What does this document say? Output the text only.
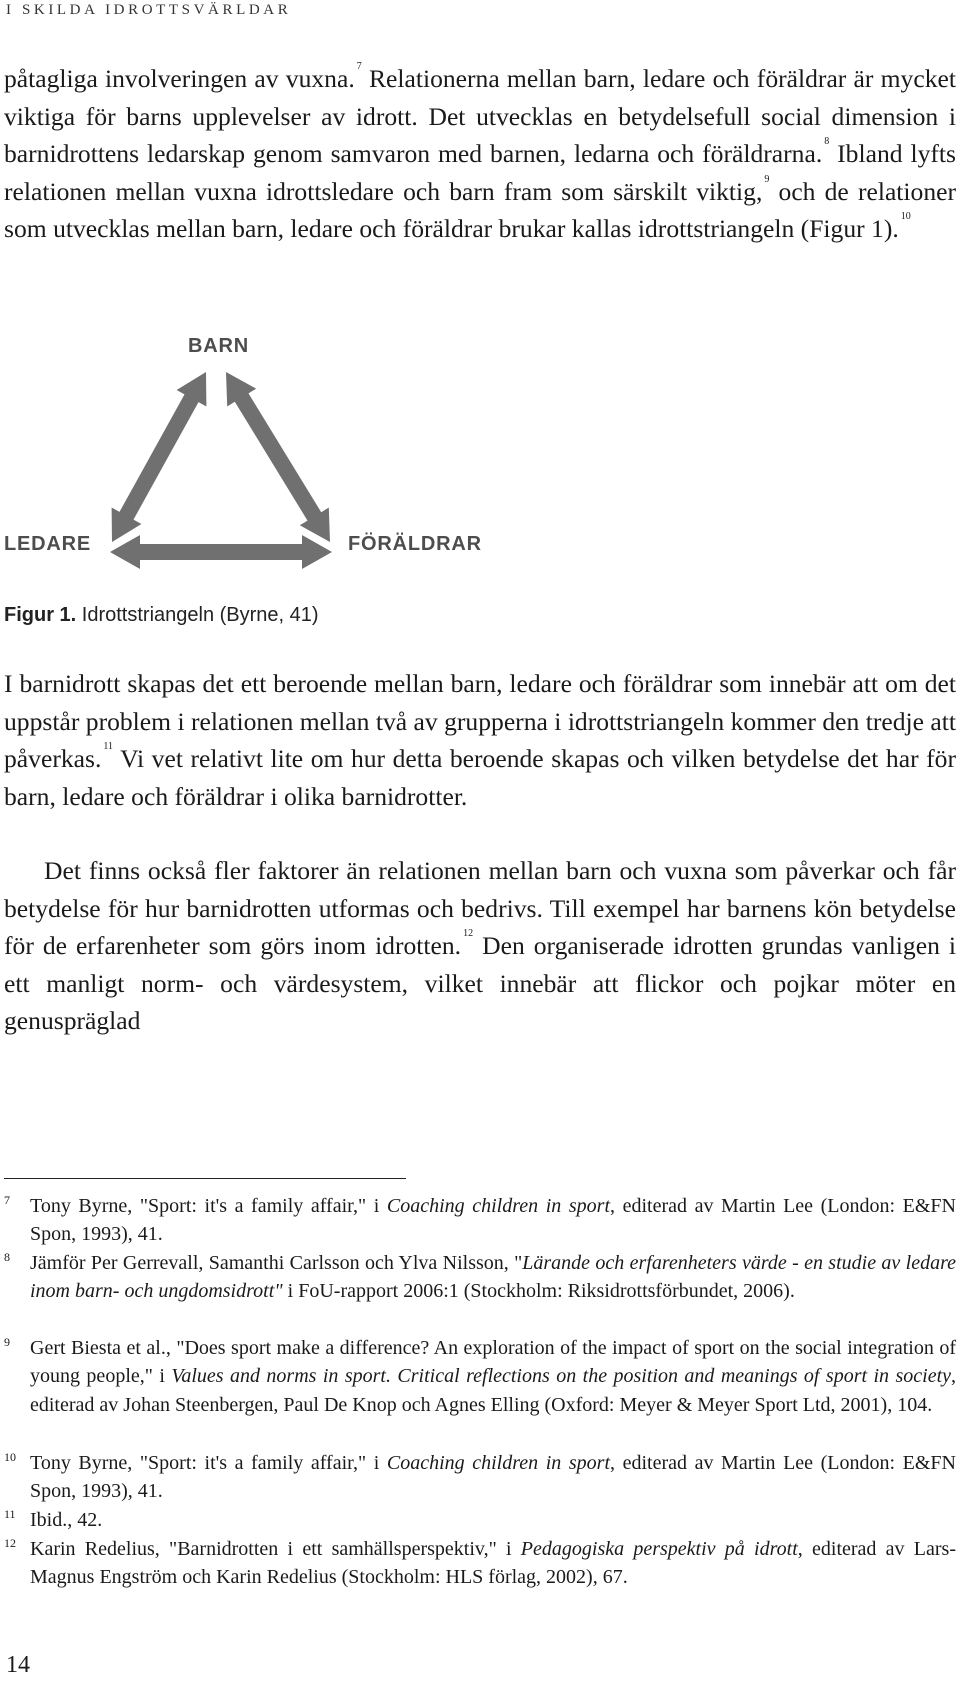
I SKILDA IDROTTSVÄRLDAR

påtagliga involveringen av vuxna. $^7$ Relationerna mellan barn, ledare och föräldrar är mycket viktiga för barns upplevelser av idrott. Det utvecklas en betydelsefull social dimension i barnidrottens ledarskap genom samvaron med barnen, ledarna och föräldrarna. $^8$ Ibland lyfts relationen mellan vuxna idrottsledare och barn fram som särskilt viktig, $^9$ och de relationer som utvecklas mellan barn, ledare och föräldrar brukar kallas idrottstriangeln (Figur 1). $^{10}$

BARN
LEDARE	FÖRÄLDRAR
Figur 1. Idrottstriangeln (Byrne, 41)

I barnidrott skapas det ett beroende mellan barn, ledare och föräldrar som innebär att om det uppstår problem i relationen mellan två av grupperna i idrottstriangeln kommer den tredje att påverkas. $^{11}$ Vi vet relativt lite om hur detta beroende skapas och vilken betydelse det har för barn, ledare och föräldrar i olika barnidrotter.

Det finns också fler faktorer än relationen mellan barn och vuxna som påverkar och får betydelse för hur barnidrotten utformas och bedrivs. Till exempel har barnens kön betydelse för de erfarenheter som görs inom idrotten. $^{12}$ Den organiserade idrotten grundas vanligen i ett manligt norm- och värdesystem, vilket innebär att flickor och pojkar möter en genuspräglad

7 Tony Byrne, "Sport: it's a family affair," i Coaching children in sport, editerad av Martin Lee (London: E&FN Spon, 1993), 41.

8 Jämför Per Gerrevall, Samanthi Carlsson och Ylva Nilsson, "Lärande och erfarenheters värde - en studie av ledare inom barn- och ungdomsidrott" i FoU-rapport 2006:1 (Stockholm: Riksidrottsförbundet, 2006).

9 Gert Biesta et al., "Does sport make a difference? An exploration of the impact of sport on the social integration of young people," i Values and norms in sport. Critical reflections on the position and meanings of sport in society, editerad av Johan Steenbergen, Paul De Knop och Agnes Elling (Oxford: Meyer & Meyer Sport Ltd, 2001), 104.

10 Tony Byrne, "Sport: it's a family affair," i Coaching children in sport, editerad av Martin Lee (London: E&FN Spon, 1993), 41.

11 Ibid., 42.

12 Karin Redelius, "Barnidrotten i ett samhällsperspektiv," i Pedagogiska perspektiv på idrott, editerad av Lars-Magnus Engström och Karin Redelius (Stockholm: HLS förlag, 2002), 67.

14
